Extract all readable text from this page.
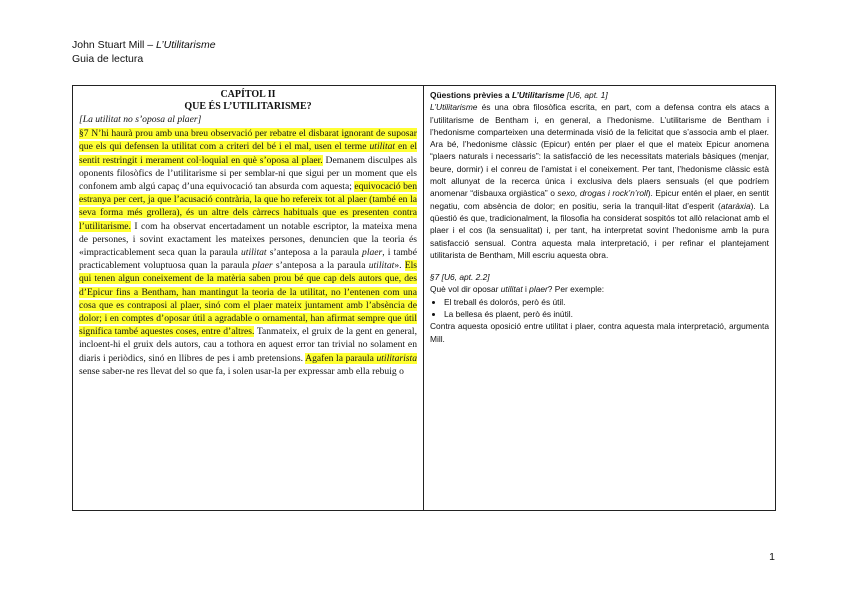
John Stuart Mill – L’Utilitarisme
Guia de lectura
CAPÍTOL II
QUE ÉS L’UTILITARISME?
[La utilitat no s’oposa al plaer]
§7 N’hi haurà prou amb una breu observació per rebatre el disbarat ignorant de suposar que els qui defensen la utilitat com a criteri del bé i el mal, usen el terme utilitat en el sentit restringit i merament col·loquial en què s’oposa al plaer. Demanem disculpes als oponents filosòfics de l’utilitarisme si per semblar-ni que sigui per un moment que els confonem amb algú capaç d’una equivocació tan absurda com aquesta; equivocació ben estranya per cert, ja que l’acusació contrària, la que ho refereix tot al plaer (també en la seva forma més grollera), és un altre dels càrrecs habituals que es presenten contra l’utilitarisme. I com ha observat encertadament un notable escriptor, la mateixa mena de persones, i sovint exactament les mateixes persones, denuncien que la teoria és «impracticablement seca quan la paraula utilitat s’anteposa a la paraula plaer, i també practicablement voluptuosa quan la paraula plaer s’anteposa a la paraula utilitat». Els qui tenen algun coneixement de la matèria saben prou bé que cap dels autors que, des d’Epicur fins a Bentham, han mantingut la teoria de la utilitat, no l’entenen com una cosa que es contraposi al plaer, sinó com el plaer mateix juntament amb l’absència de dolor; i en comptes d’oposar útil a agradable o ornamental, han afirmat sempre que útil significa també aquestes coses, entre d’altres. Tanmateix, el gruix de la gent en general, incloent-hi el gruix dels autors, cau a tothora en aquest error tan trivial no solament en diaris i periòdics, sinó en llibres de pes i amb pretensions. Agafen la paraula utilitarista sense saber-ne res llevat del so que fa, i solen usar-la per expressar amb ella rebuig o

Qüestions prèvies a L’Utilitarisme [U6, apt. 1]
L’Utilitarisme és una obra filosòfica escrita, en part, com a defensa contra els atacs a l’utilitarisme de Bentham i, en general, a l’hedonisme. L’utilitarisme de Bentham i l’hedonisme comparteixen una determinada visió de la felicitat que s’associa amb el plaer. Ara bé, l’hedonisme clàssic (Epicur) entén per plaer el que el mateix Epicur anomena “plaers naturals i necessaris”: la satisfacció de les necessitats materials bàsiques (menjar, beure, dormir) i el conreu de l’amistat i el coneixement. Per tant, l’hedonisme clàssic està molt allunyat de la recerca única i exclusiva dels plaers sensuals (el que podríem anomenar “disbauxa orgiàstica” o sexo, drogas i rock’n’roll). Epicur entén el plaer, en sentit negatiu, com absència de dolor; en positiu, seria la tranquil·litat d’esperit (ataràxia). La qüestió és que, tradicionalment, la filosofia ha considerat sospitós tot allò relacionat amb el plaer i el cos (la sensualitat) i, per tant, ha interpretat sovint l’hedonisme amb la pura satisfacció sensual. Contra aquesta mala interpretació, i per refinar el plantejament utilitarista de Bentham, Mill escriu aquesta obra.
§7 [U6, apt. 2.2]
Què vol dir oposar utilitat i plaer? Per exemple:
• El treball és dolorós, però és útil.
• La bellesa és plaent, però és inútil.
Contra aquesta oposició entre utilitat i plaer, contra aquesta mala interpretació, argumenta Mill.
1
